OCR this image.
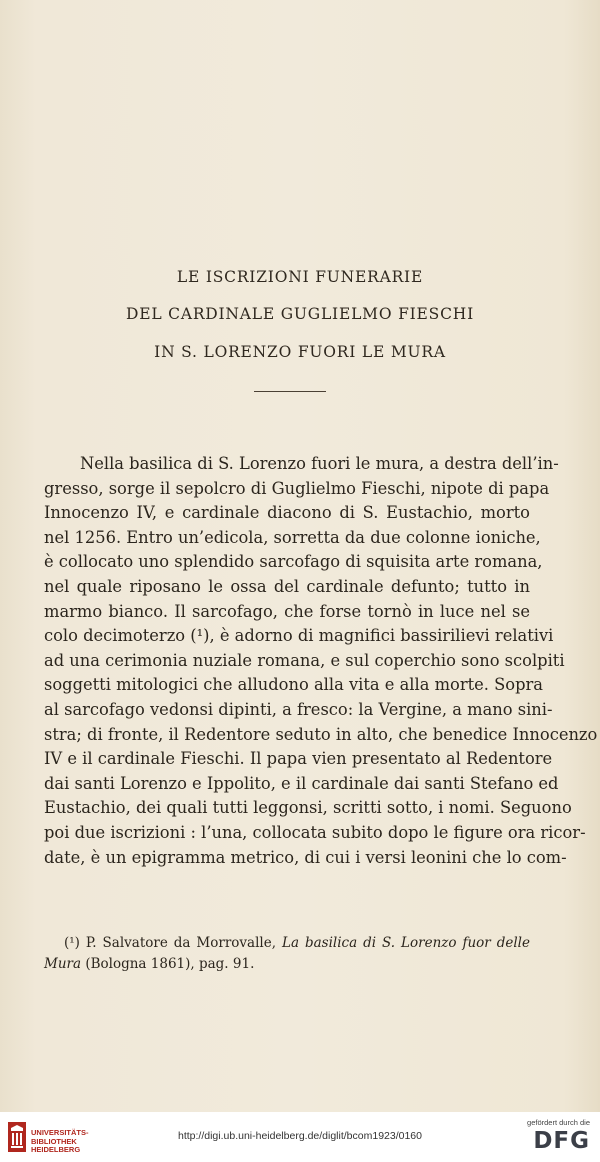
LE ISCRIZIONI FUNERARIE
DEL CARDINALE GUGLIELMO FIESCHI
IN S. LORENZO FUORI LE MURA
Nella basilica di S. Lorenzo fuori le mura, a destra dell’in-
gresso, sorge il sepolcro di Guglielmo Fieschi, nipote di papa
Innocenzo IV, e cardinale diacono di S. Eustachio, morto
nel 1256. Entro un’edicola, sorretta da due colonne ioniche,
è collocato uno splendido sarcofago di squisita arte romana,
nel quale riposano le ossa del cardinale defunto; tutto in
marmo bianco. Il sarcofago, che forse tornò in luce nel se
colo decimoterzo (¹), è adorno di magnifici bassirilievi relativi
ad una cerimonia nuziale romana, e sul coperchio sono scolpiti
soggetti mitologici che alludono alla vita e alla morte. Sopra
al sarcofago vedonsi dipinti, a fresco: la Vergine, a mano sini-
stra; di fronte, il Redentore seduto in alto, che benedice Innocenzo
IV e il cardinale Fieschi. Il papa vien presentato al Redentore
dai santi Lorenzo e Ippolito, e il cardinale dai santi Stefano ed
Eustachio, dei quali tutti leggonsi, scritti sotto, i nomi. Seguono
poi due iscrizioni : l’una, collocata subito dopo le figure ora ricor-
date, è un epigramma metrico, di cui i versi leonini che lo com-
(¹) P. Salvatore da Morrovalle, La basilica di S. Lorenzo fuor delle
Mura (Bologna 1861), pag. 91.
UNIVERSITÄTS-
BIBLIOTHEK
HEIDELBERG
http://digi.ub.uni-heidelberg.de/diglit/bcom1923/0160
gefördert durch die
DFG
